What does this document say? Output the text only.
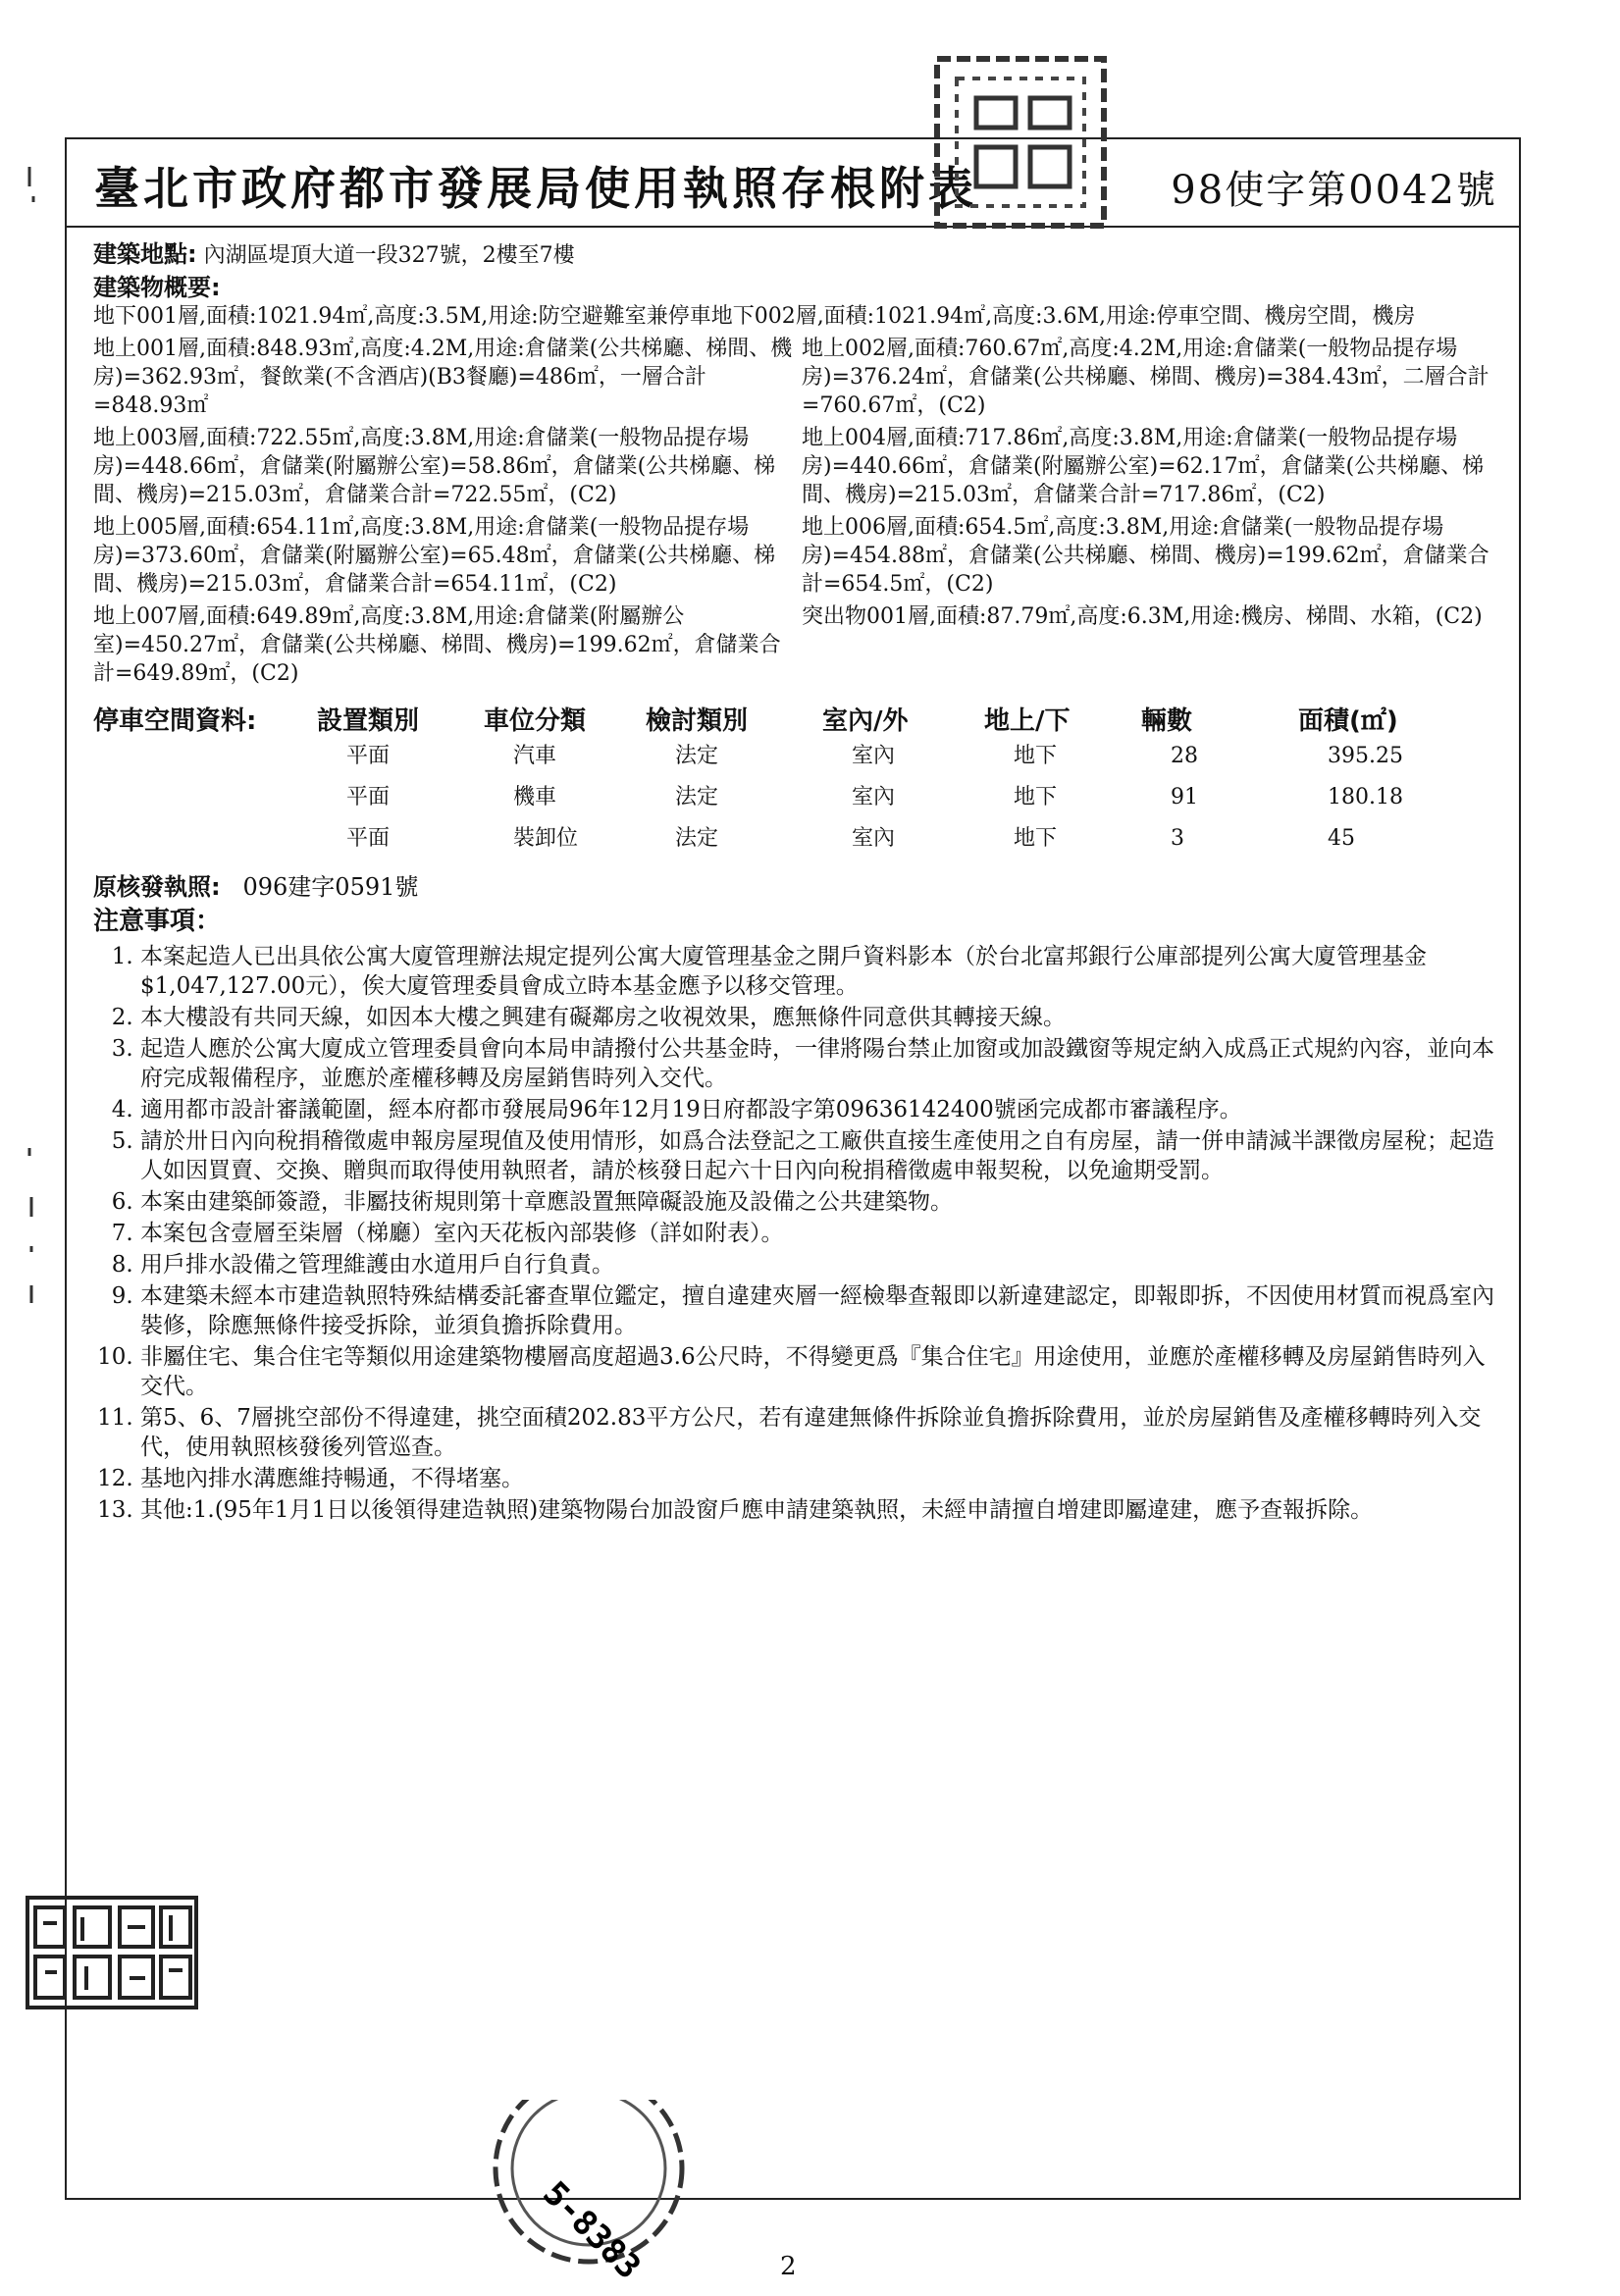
臺北市政府都市發展局使用執照存根附表	98使字第0042號
建築地點: 內湖區堤頂大道一段327號，2樓至7樓
建築物概要:
地下001層,面積:1021.94㎡,高度:3.5M,用途:防空避難室兼停車地下002層,面積:1021.94㎡,高度:3.6M,用途:停車空間、機房空間，機房
地上001層,面積:848.93㎡,高度:4.2M,用途:倉儲業(公共梯廳、梯間、機房)=362.93㎡，餐飲業(不含酒店)(B3餐廳)=486㎡，一層合計=848.93㎡
地上002層,面積:760.67㎡,高度:4.2M,用途:倉儲業(一般物品提存場房)=376.24㎡，倉儲業(公共梯廳、梯間、機房)=384.43㎡，二層合計=760.67㎡，(C2)
地上003層,面積:722.55㎡,高度:3.8M,用途:倉儲業(一般物品提存場房)=448.66㎡，倉儲業(附屬辦公室)=58.86㎡，倉儲業(公共梯廳、梯間、機房)=215.03㎡，倉儲業合計=722.55㎡，(C2)
地上004層,面積:717.86㎡,高度:3.8M,用途:倉儲業(一般物品提存場房)=440.66㎡，倉儲業(附屬辦公室)=62.17㎡，倉儲業(公共梯廳、梯間、機房)=215.03㎡，倉儲業合計=717.86㎡，(C2)
地上005層,面積:654.11㎡,高度:3.8M,用途:倉儲業(一般物品提存場房)=373.60㎡，倉儲業(附屬辦公室)=65.48㎡，倉儲業(公共梯廳、梯間、機房)=215.03㎡，倉儲業合計=654.11㎡，(C2)
地上006層,面積:654.5㎡,高度:3.8M,用途:倉儲業(一般物品提存場房)=454.88㎡，倉儲業(公共梯廳、梯間、機房)=199.62㎡，倉儲業合計=654.5㎡，(C2)
地上007層,面積:649.89㎡,高度:3.8M,用途:倉儲業(附屬辦公室)=450.27㎡，倉儲業(公共梯廳、梯間、機房)=199.62㎡，倉儲業合計=649.89㎡，(C2)
突出物001層,面積:87.79㎡,高度:6.3M,用途:機房、梯間、水箱，(C2)
停車空間資料:	設置類別	車位分類	檢討類別	室內/外	地上/下	輛數	面積(㎡)
平面	汽車	法定	室內	地下	28	395.25
平面	機車	法定	室內	地下	91	180.18
平面	裝卸位	法定	室內	地下	3	45
原核發執照: 096建字0591號
注意事項：
1. 本案起造人已出具依公寓大廈管理辦法規定提列公寓大廈管理基金之開戶資料影本（於台北富邦銀行公庫部提列公寓大廈管理基金$1,047,127.00元），俟大廈管理委員會成立時本基金應予以移交管理。
2. 本大樓設有共同天線，如因本大樓之興建有礙鄰房之收視效果，應無條件同意供其轉接天線。
3. 起造人應於公寓大廈成立管理委員會向本局申請撥付公共基金時，一律將陽台禁止加窗或加設鐵窗等規定納入成爲正式規約內容，並向本府完成報備程序，並應於產權移轉及房屋銷售時列入交代。
4. 適用都市設計審議範圍，經本府都市發展局96年12月19日府都設字第09636142400號函完成都市審議程序。
5. 請於卅日內向稅捐稽徵處申報房屋現值及使用情形，如爲合法登記之工廠供直接生產使用之自有房屋，請一併申請減半課徵房屋稅；起造人如因買賣、交換、贈與而取得使用執照者，請於核發日起六十日內向稅捐稽徵處申報契稅，以免逾期受罰。
6. 本案由建築師簽證，非屬技術規則第十章應設置無障礙設施及設備之公共建築物。
7. 本案包含壹層至柒層（梯廳）室內天花板內部裝修（詳如附表）。
8. 用戶排水設備之管理維護由水道用戶自行負責。
9. 本建築未經本市建造執照特殊結構委託審查單位鑑定，擅自違建夾層一經檢舉查報即以新違建認定，即報即拆，不因使用材質而視爲室內裝修，除應無條件接受拆除，並須負擔拆除費用。
10. 非屬住宅、集合住宅等類似用途建築物樓層高度超過3.6公尺時，不得變更爲『集合住宅』用途使用，並應於產權移轉及房屋銷售時列入交代。
11. 第5、6、7層挑空部份不得違建，挑空面積202.83平方公尺，若有違建無條件拆除並負擔拆除費用，並於房屋銷售及產權移轉時列入交代，使用執照核發後列管巡查。
12. 基地內排水溝應維持暢通，不得堵塞。
13. 其他:1.(95年1月1日以後領得建造執照)建築物陽台加設窗戶應申請建築執照，未經申請擅自增建即屬違建，應予查報拆除。
5-8383	2
